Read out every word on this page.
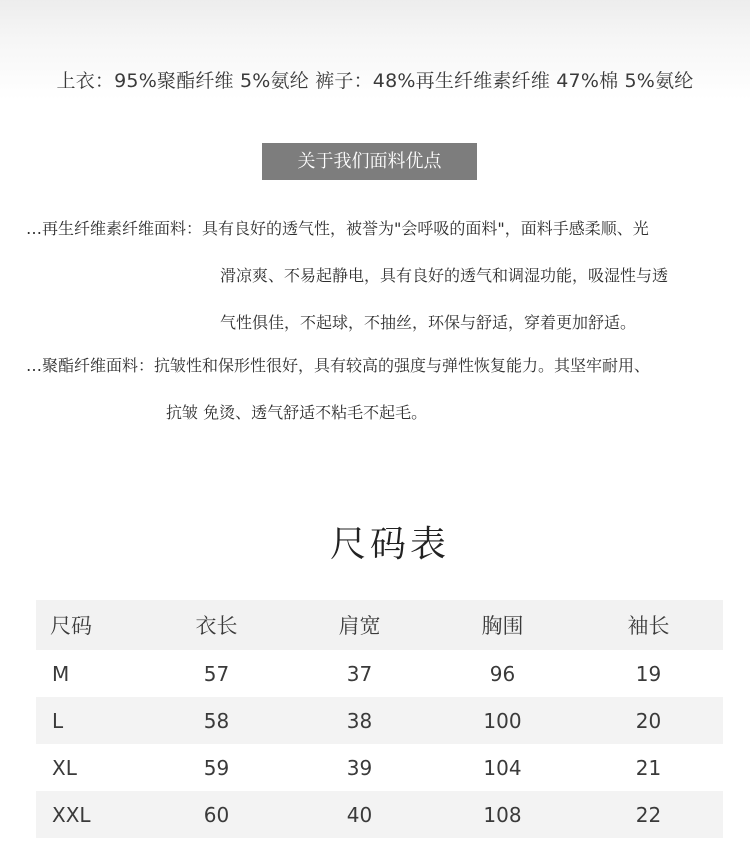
上衣：95%聚酯纤维 5%氨纶 裤子：48%再生纤维素纤维 47%棉 5%氨纶
关于我们面料优点
…再生纤维素纤维面料：具有良好的透气性，被誉为"会呼吸的面料"，面料手感柔顺、光
滑凉爽、不易起静电，具有良好的透气和调湿功能，吸湿性与透
气性俱佳，不起球，不抽丝，环保与舒适，穿着更加舒适。
…聚酯纤维面料：抗皱性和保形性很好，具有较高的强度与弹性恢复能力。其坚牢耐用、
抗皱 免烫、透气舒适不粘毛不起毛。
尺码表
尺码	衣长	肩宽	胸围	袖长
M	57	37	96	19
L	58	38	100	20
XL	59	39	104	21
XXL	60	40	108	22
